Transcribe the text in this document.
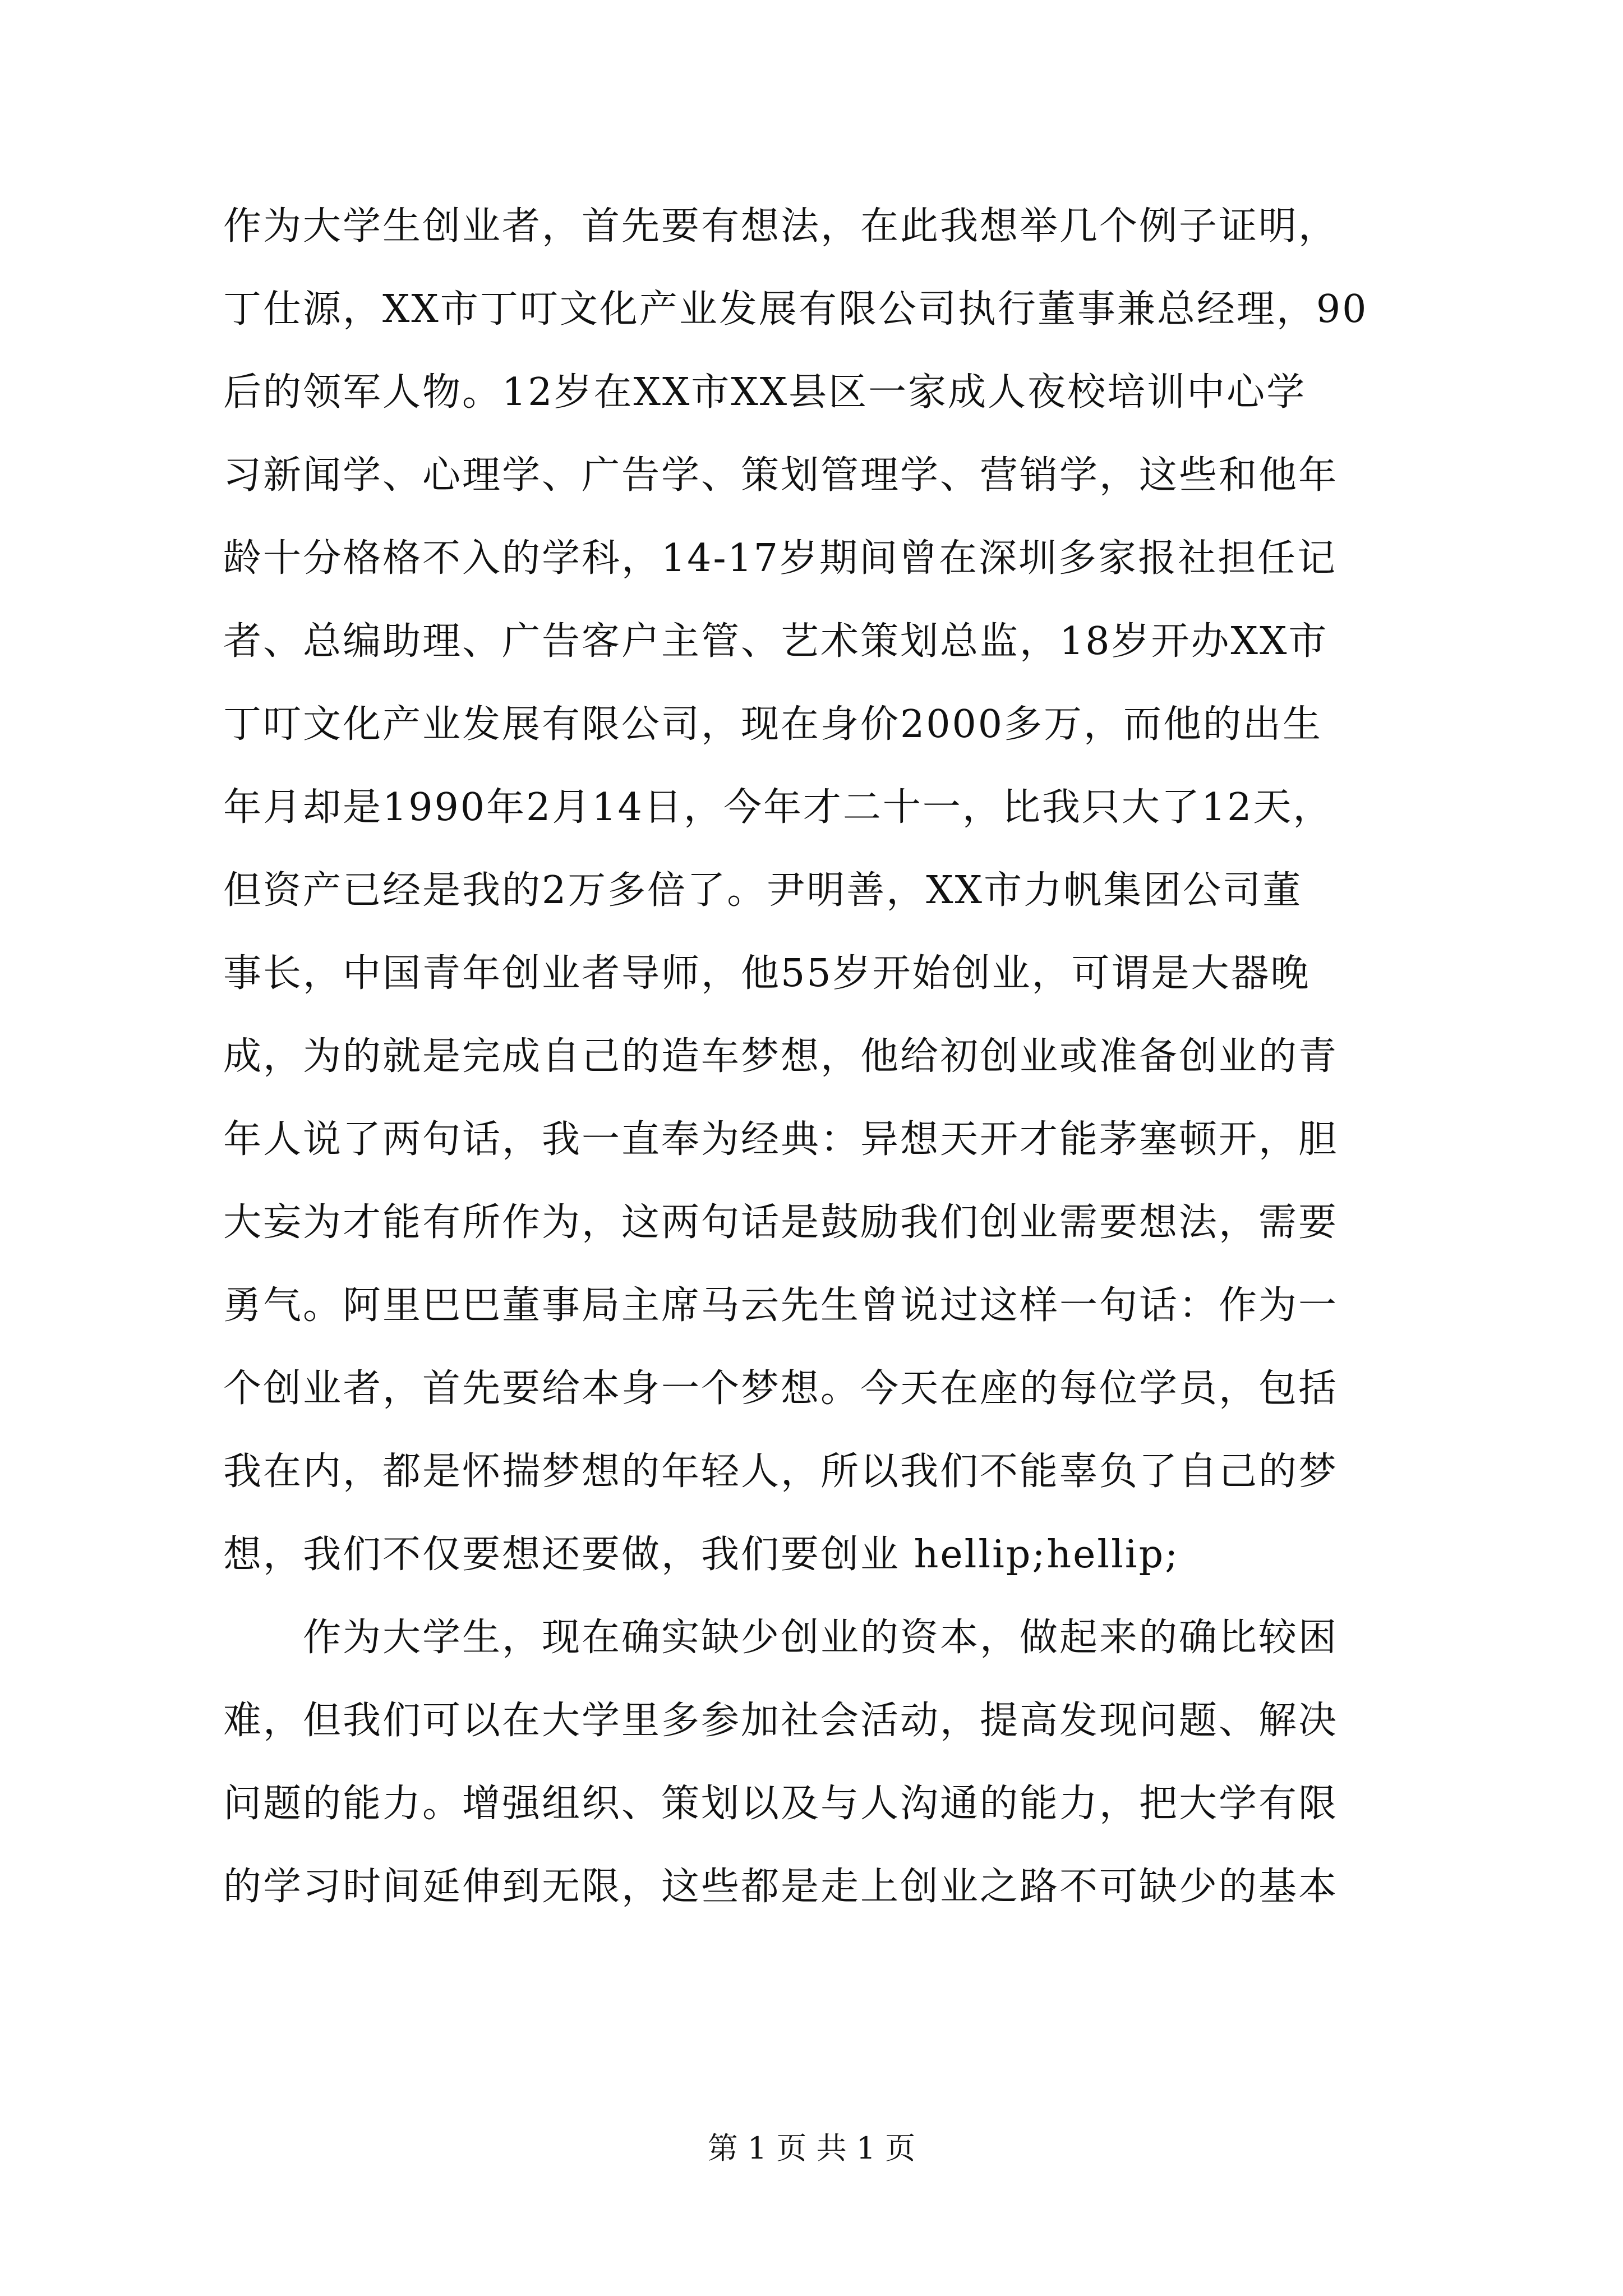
作为大学生创业者，首先要有想法，在此我想举几个例子证明，
丁仕源，XX市丁叮文化产业发展有限公司执行董事兼总经理，90
后的领军人物。12岁在XX市XX县区一家成人夜校培训中心学
习新闻学、心理学、广告学、策划管理学、营销学，这些和他年
龄十分格格不入的学科，14-17岁期间曾在深圳多家报社担任记
者、总编助理、广告客户主管、艺术策划总监，18岁开办XX市
丁叮文化产业发展有限公司，现在身价2000多万，而他的出生
年月却是1990年2月14日，今年才二十一，比我只大了12天，
但资产已经是我的2万多倍了。尹明善，XX市力帆集团公司董
事长，中国青年创业者导师，他55岁开始创业，可谓是大器晚
成，为的就是完成自己的造车梦想，他给初创业或准备创业的青
年人说了两句话，我一直奉为经典：异想天开才能茅塞顿开，胆
大妄为才能有所作为，这两句话是鼓励我们创业需要想法，需要
勇气。阿里巴巴董事局主席马云先生曾说过这样一句话：作为一
个创业者，首先要给本身一个梦想。今天在座的每位学员，包括
我在内，都是怀揣梦想的年轻人，所以我们不能辜负了自己的梦
想，我们不仅要想还要做，我们要创业 hellip;hellip;
　　作为大学生，现在确实缺少创业的资本，做起来的确比较困
难，但我们可以在大学里多参加社会活动，提高发现问题、解决
问题的能力。增强组织、策划以及与人沟通的能力，把大学有限
的学习时间延伸到无限，这些都是走上创业之路不可缺少的基本
第 1 页 共 1 页
